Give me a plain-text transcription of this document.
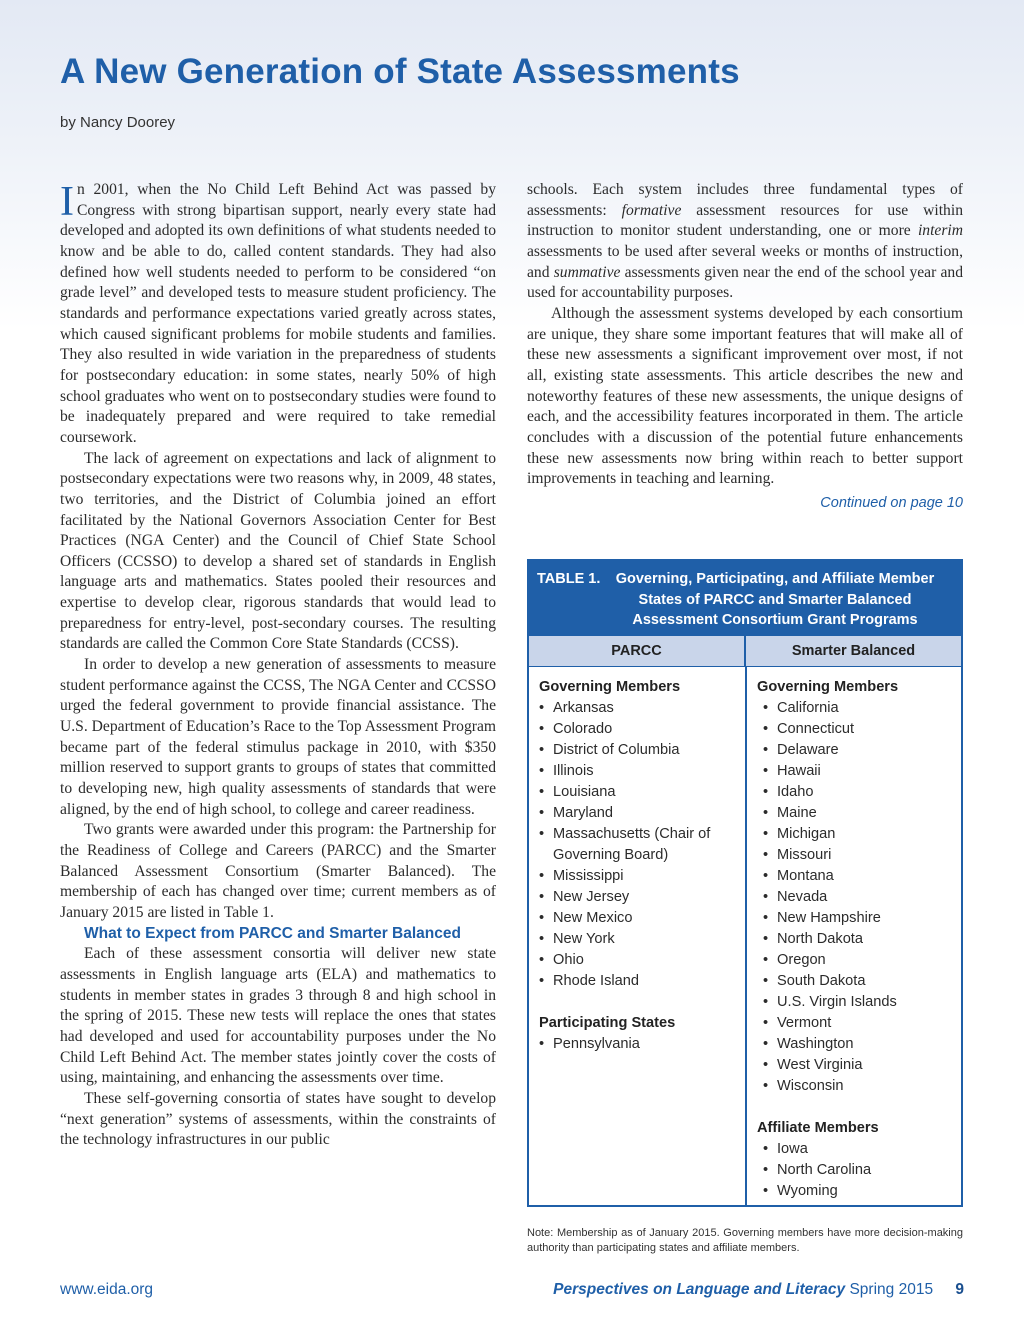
A New Generation of State Assessments
by Nancy Doorey

In 2001, when the No Child Left Behind Act was passed by Congress with strong bipartisan support, nearly every state had developed and adopted its own definitions of what students needed to know and be able to do, called content standards. They had also defined how well students needed to perform to be considered “on grade level” and developed tests to measure student proficiency. The standards and performance expectations varied greatly across states, which caused significant problems for mobile students and families. They also resulted in wide variation in the preparedness of students for postsecondary education: in some states, nearly 50% of high school graduates who went on to postsecondary studies were found to be inadequately prepared and were required to take remedial coursework.

The lack of agreement on expectations and lack of alignment to postsecondary expectations were two reasons why, in 2009, 48 states, two territories, and the District of Columbia joined an effort facilitated by the National Governors Association Center for Best Practices (NGA Center) and the Council of Chief State School Officers (CCSSO) to develop a shared set of standards in English language arts and mathematics. States pooled their resources and expertise to develop clear, rigorous standards that would lead to preparedness for entry-level, post-secondary courses. The resulting standards are called the Common Core State Standards (CCSS).

In order to develop a new generation of assessments to measure student performance against the CCSS, The NGA Center and CCSSO urged the federal government to provide financial assistance. The U.S. Department of Education’s Race to the Top Assessment Program became part of the federal stimulus package in 2010, with $350 million reserved to support grants to groups of states that committed to developing new, high quality assessments of standards that were aligned, by the end of high school, to college and career readiness.

Two grants were awarded under this program: the Partnership for the Readiness of College and Careers (PARCC) and the Smarter Balanced Assessment Consortium (Smarter Balanced). The membership of each has changed over time; current members as of January 2015 are listed in Table 1.

What to Expect from PARCC and Smarter Balanced

Each of these assessment consortia will deliver new state assessments in English language arts (ELA) and mathematics to students in member states in grades 3 through 8 and high school in the spring of 2015. These new tests will replace the ones that states had developed and used for accountability purposes under the No Child Left Behind Act. The member states jointly cover the costs of using, maintaining, and enhancing the assessments over time.

These self-governing consortia of states have sought to develop “next generation” systems of assessments, within the constraints of the technology infrastructures in our public

schools. Each system includes three fundamental types of assessments: formative assessment resources for use within instruction to monitor student understanding, one or more interim assessments to be used after several weeks or months of instruction, and summative assessments given near the end of the school year and used for accountability purposes.

Although the assessment systems developed by each consortium are unique, they share some important features that will make all of these new assessments a significant improvement over most, if not all, existing state assessments. This article describes the new and noteworthy features of these new assessments, the unique designs of each, and the accessibility features incorporated in them. The article concludes with a discussion of the potential future enhancements these new assessments now bring within reach to better support improvements in teaching and learning.

Continued on page 10
TABLE 1. Governing, Participating, and Affiliate Member States of PARCC and Smarter Balanced Assessment Consortium Grant Programs
PARCC	Smarter Balanced

Governing Members

• Arkansas
• Colorado
• District of Columbia
• Illinois
• Louisiana
• Maryland
• Massachusetts (Chair of Governing Board)
• Mississippi
• New Jersey
• New Mexico
• New York
• Ohio
• Rhode Island

Participating States

• Pennsylvania

Governing Members

• California
• Connecticut
• Delaware
• Hawaii
• Idaho
• Maine
• Michigan
• Missouri
• Montana
• Nevada
• New Hampshire
• North Dakota
• Oregon
• South Dakota
• U.S. Virgin Islands
• Vermont
• Washington
• West Virginia
• Wisconsin

Affiliate Members

• Iowa
• North Carolina
• Wyoming
Note: Membership as of January 2015. Governing members have more decision-making authority than participating states and affiliate members.
www.eida.org	Perspectives on Language and Literacy Spring 2015 9
